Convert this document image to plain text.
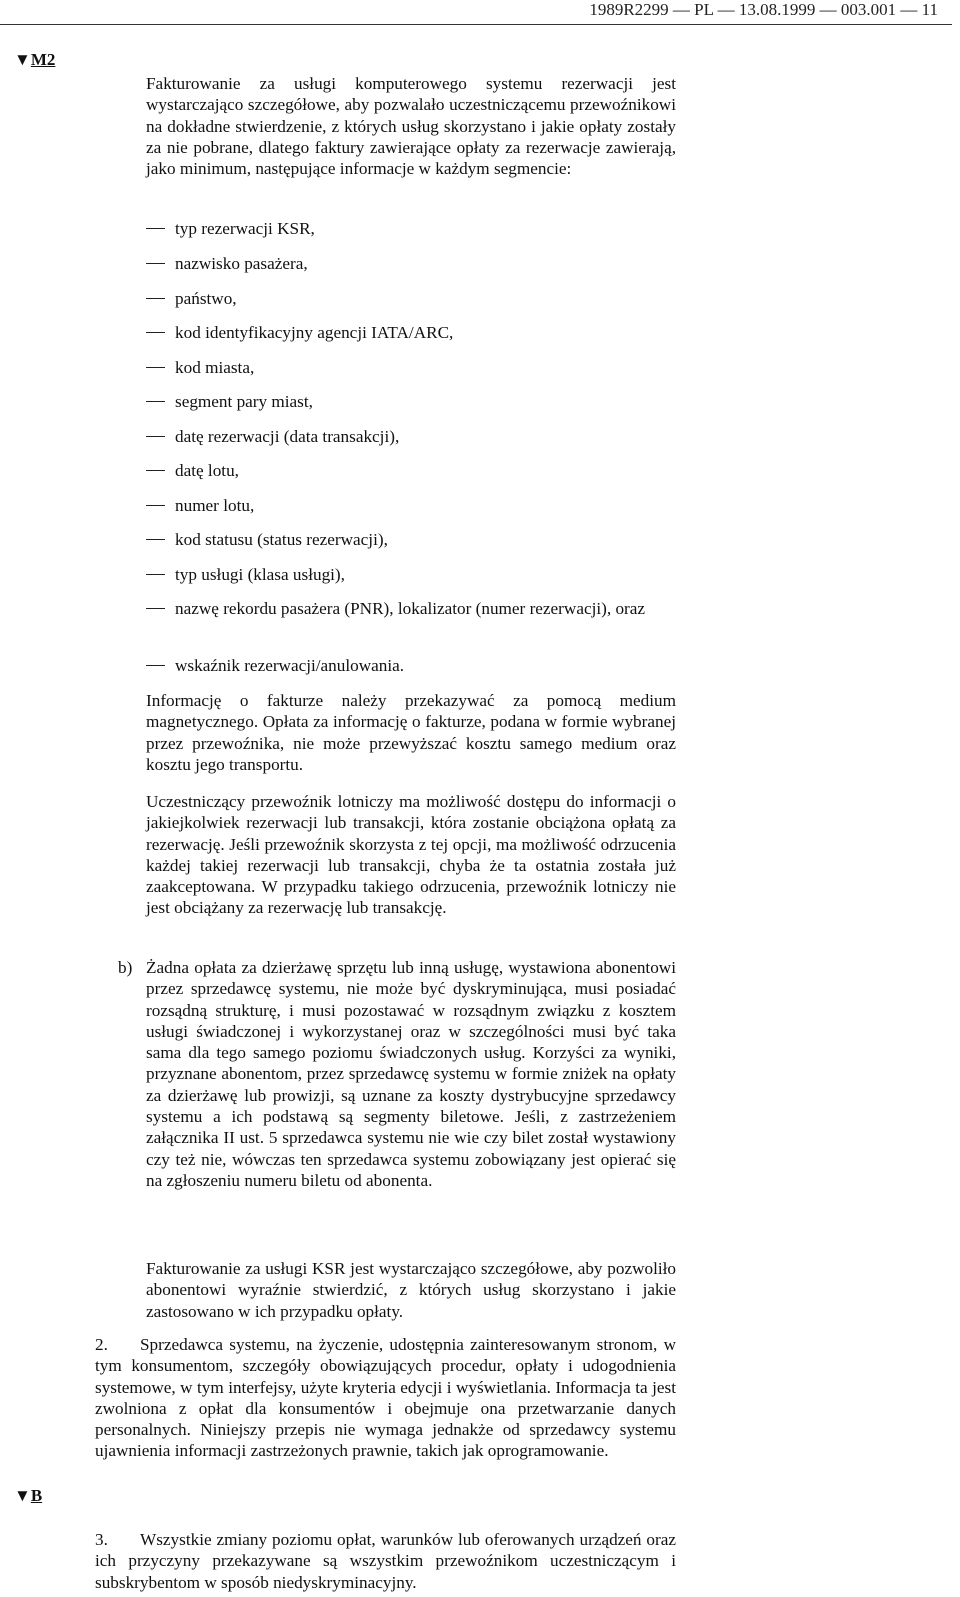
1989R2299 — PL — 13.08.1999 — 003.001 — 11
▼M2
▼B

Fakturowanie za usługi komputerowego systemu rezerwacji jest wystarczająco szczegółowe, aby pozwalało uczestniczącemu przewoźnikowi na dokładne stwierdzenie, z których usług skorzystano i jakie opłaty zostały za nie pobrane, dlatego faktury zawierające opłaty za rezerwacje zawierają, jako minimum, następujące informacje w każdym segmencie:

typ rezerwacji KSR,
nazwisko pasażera,
państwo,
kod identyfikacyjny agencji IATA/ARC,
kod miasta,
segment pary miast,
datę rezerwacji (data transakcji),
datę lotu,
numer lotu,
kod statusu (status rezerwacji),
typ usługi (klasa usługi),
nazwę rekordu pasażera (PNR), lokalizator (numer rezerwacji), oraz
wskaźnik rezerwacji/anulowania.

Informację o fakturze należy przekazywać za pomocą medium magnetycznego. Opłata za informację o fakturze, podana w formie wybranej przez przewoźnika, nie może przewyższać kosztu samego medium oraz kosztu jego transportu.

Uczestniczący przewoźnik lotniczy ma możliwość dostępu do informacji o jakiejkolwiek rezerwacji lub transakcji, która zostanie obciążona opłatą za rezerwację. Jeśli przewoźnik skorzysta z tej opcji, ma możliwość odrzucenia każdej takiej rezerwacji lub transakcji, chyba że ta ostatnia została już zaakceptowana. W przypadku takiego odrzucenia, przewoźnik lotniczy nie jest obciążany za rezerwację lub transakcję.

b) Żadna opłata za dzierżawę sprzętu lub inną usługę, wystawiona abonentowi przez sprzedawcę systemu, nie może być dyskryminująca, musi posiadać rozsądną strukturę, i musi pozostawać w rozsądnym związku z kosztem usługi świadczonej i wykorzystanej oraz w szczególności musi być taka sama dla tego samego poziomu świadczonych usług. Korzyści za wyniki, przyznane abonentom, przez sprzedawcę systemu w formie zniżek na opłaty za dzierżawę lub prowizji, są uznane za koszty dystrybucyjne sprzedawcy systemu a ich podstawą są segmenty biletowe. Jeśli, z zastrzeżeniem załącznika II ust. 5 sprzedawca systemu nie wie czy bilet został wystawiony czy też nie, wówczas ten sprzedawca systemu zobowiązany jest opierać się na zgłoszeniu numeru biletu od abonenta.

Fakturowanie za usługi KSR jest wystarczająco szczegółowe, aby pozwoliło abonentowi wyraźnie stwierdzić, z których usług skorzystano i jakie zastosowano w ich przypadku opłaty.

2.	Sprzedawca systemu, na życzenie, udostępnia zainteresowanym stronom, w tym konsumentom, szczegóły obowiązujących procedur, opłaty i udogodnienia systemowe, w tym interfejsy, użyte kryteria edycji i wyświetlania. Informacja ta jest zwolniona z opłat dla konsumentów i obejmuje ona przetwarzanie danych personalnych. Niniejszy przepis nie wymaga jednakże od sprzedawcy systemu ujawnienia informacji zastrzeżonych prawnie, takich jak oprogramowanie.

3.	Wszystkie zmiany poziomu opłat, warunków lub oferowanych urządzeń oraz ich przyczyny przekazywane są wszystkim przewoźnikom uczestniczącym i subskrybentom w sposób niedyskryminacyjny.
